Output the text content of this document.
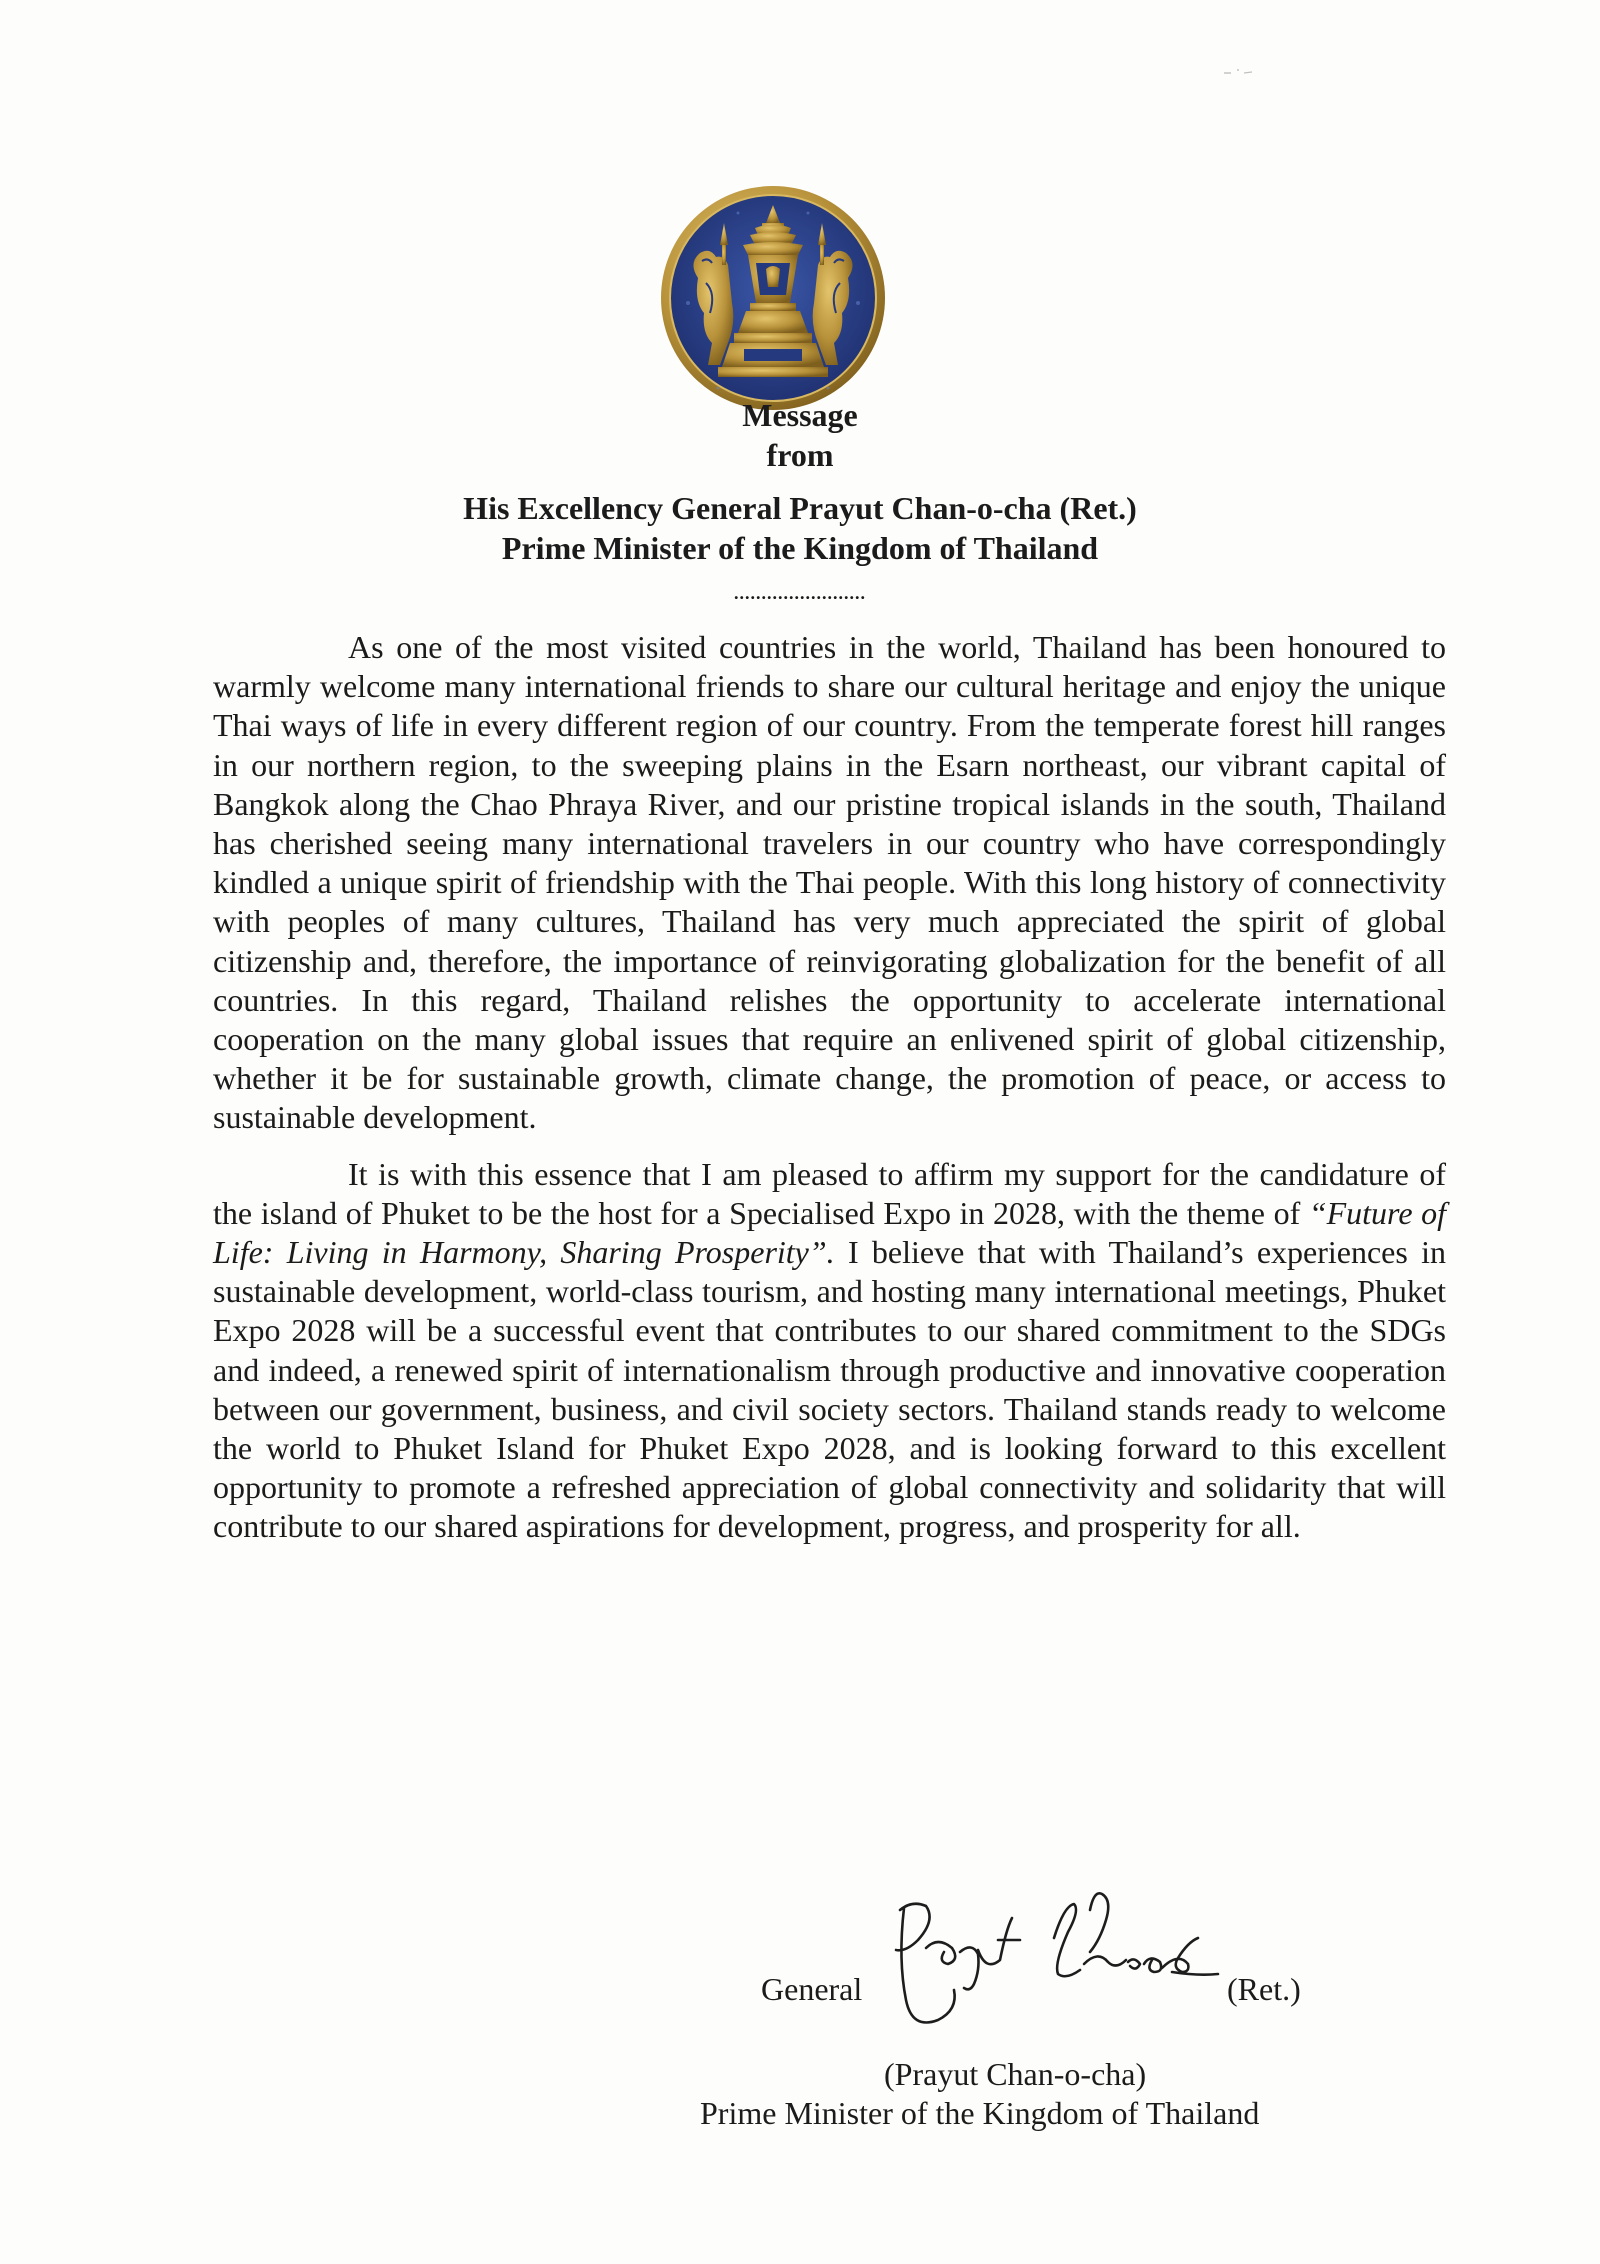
Message
from
His Excellency General Prayut Chan-o-cha (Ret.)
Prime Minister of the Kingdom of Thailand
........................

As one of the most visited countries in the world, Thailand has been honoured to warmly welcome many international friends to share our cultural heritage and enjoy the unique Thai ways of life in every different region of our country. From the temperate forest hill ranges in our northern region, to the sweeping plains in the Esarn northeast, our vibrant capital of Bangkok along the Chao Phraya River, and our pristine tropical islands in the south, Thailand has cherished seeing many international travelers in our country who have correspondingly kindled a unique spirit of friendship with the Thai people. With this long history of connectivity with peoples of many cultures, Thailand has very much appreciated the spirit of global citizenship and, therefore, the importance of reinvigorating globalization for the benefit of all countries. In this regard, Thailand relishes the opportunity to accelerate international cooperation on the many global issues that require an enlivened spirit of global citizenship, whether it be for sustainable growth, climate change, the promotion of peace, or access to sustainable development.

It is with this essence that I am pleased to affirm my support for the candidature of the island of Phuket to be the host for a Specialised Expo in 2028, with the theme of “Future of Life: Living in Harmony, Sharing Prosperity”. I believe that with Thailand’s experiences in sustainable development, world-class tourism, and hosting many international meetings, Phuket Expo 2028 will be a successful event that contributes to our shared commitment to the SDGs and indeed, a renewed spirit of internationalism through productive and innovative cooperation between our government, business, and civil society sectors. Thailand stands ready to welcome the world to Phuket Island for Phuket Expo 2028, and is looking forward to this excellent opportunity to promote a refreshed appreciation of global connectivity and solidarity that will contribute to our shared aspirations for development, progress, and prosperity for all.

General	(Ret.)
(Prayut Chan-o-cha)
Prime Minister of the Kingdom of Thailand
